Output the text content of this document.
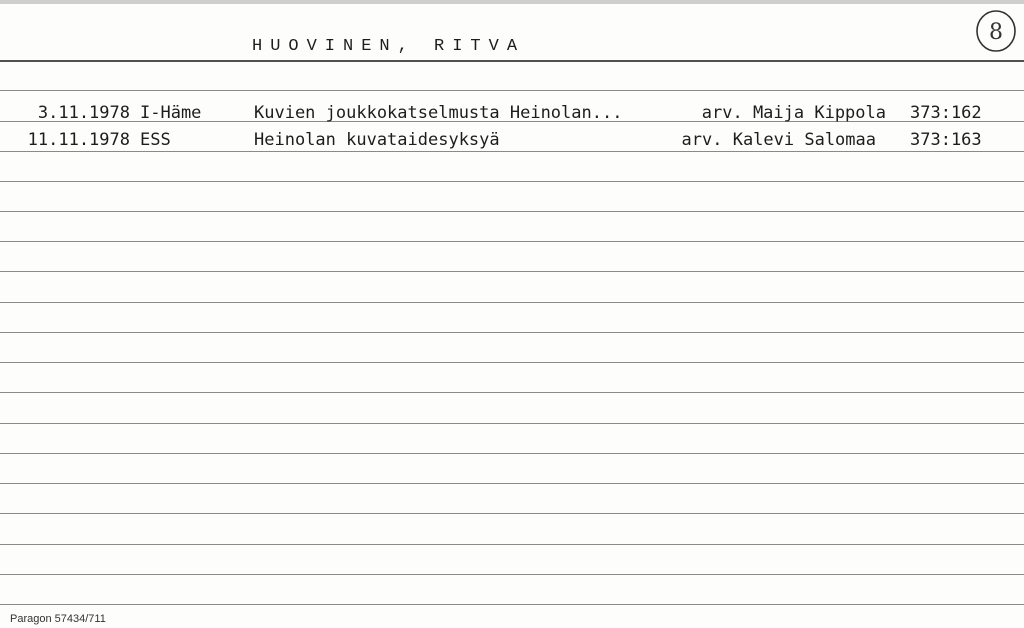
HUOVINEN, RITVA
8
3.11.1978 I-Häme	Kuvien joukkokatselmusta Heinolan...	arv. Maija Kippola 373:162
11.11.1978 ESS	Heinolan kuvataidesyksyä	arv. Kalevi Salomaa 373:163
Paragon 57434/711
